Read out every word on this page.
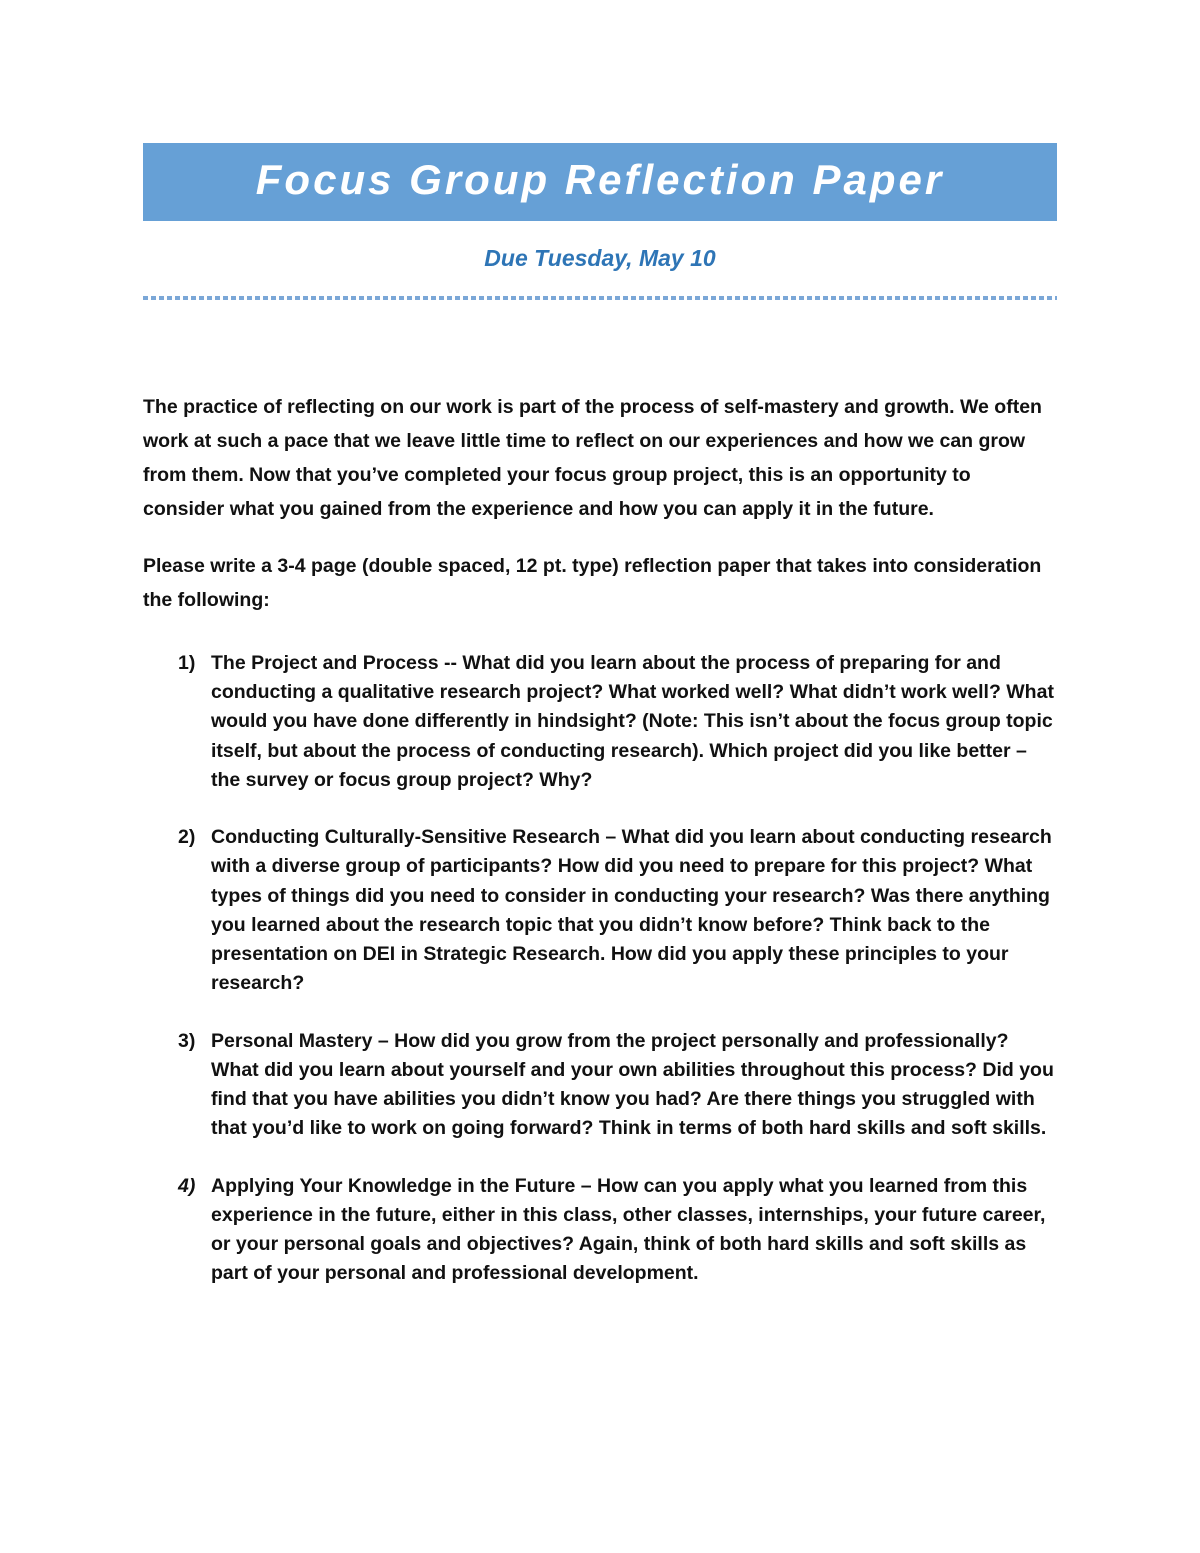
Focus Group Reflection Paper
Due Tuesday, May 10

The practice of reflecting on our work is part of the process of self-mastery and growth. We often work at such a pace that we leave little time to reflect on our experiences and how we can grow from them. Now that you’ve completed your focus group project, this is an opportunity to consider what you gained from the experience and how you can apply it in the future.

Please write a 3-4 page (double spaced, 12 pt. type) reflection paper that takes into consideration the following:

1) The Project and Process -- What did you learn about the process of preparing for and conducting a qualitative research project? What worked well? What didn’t work well? What would you have done differently in hindsight? (Note: This isn’t about the focus group topic itself, but about the process of conducting research). Which project did you like better – the survey or focus group project? Why?
2) Conducting Culturally-Sensitive Research – What did you learn about conducting research with a diverse group of participants? How did you need to prepare for this project? What types of things did you need to consider in conducting your research? Was there anything you learned about the research topic that you didn’t know before? Think back to the presentation on DEI in Strategic Research. How did you apply these principles to your research?
3) Personal Mastery – How did you grow from the project personally and professionally? What did you learn about yourself and your own abilities throughout this process? Did you find that you have abilities you didn’t know you had? Are there things you struggled with that you’d like to work on going forward? Think in terms of both hard skills and soft skills.
4) Applying Your Knowledge in the Future – How can you apply what you learned from this experience in the future, either in this class, other classes, internships, your future career, or your personal goals and objectives? Again, think of both hard skills and soft skills as part of your personal and professional development.
